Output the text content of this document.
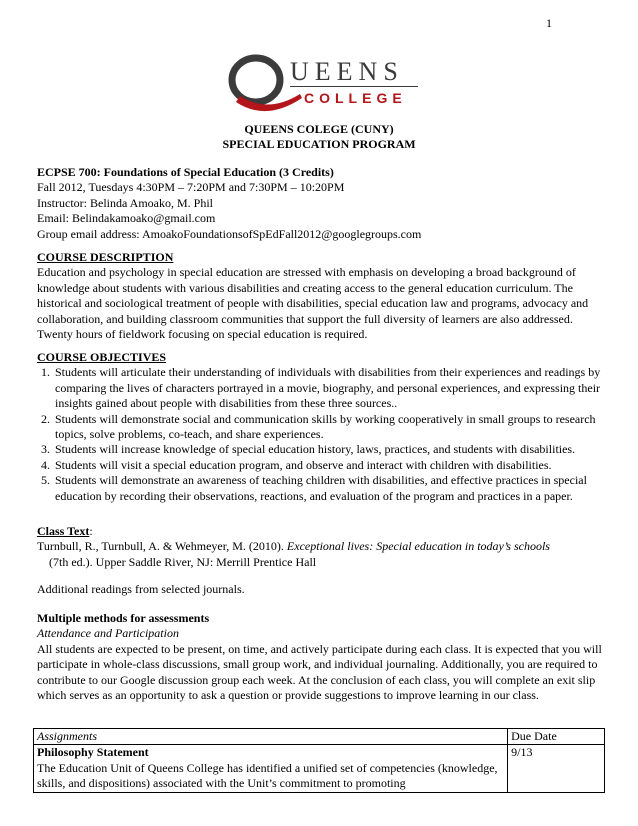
1
UEENS
COLLEGE
QUEENS COLEGE (CUNY)
SPECIAL EDUCATION PROGRAM
ECPSE 700: Foundations of Special Education (3 Credits)
Fall 2012, Tuesdays 4:30PM – 7:20PM and 7:30PM – 10:20PM
Instructor: Belinda Amoako, M. Phil
Email: Belindakamoako@gmail.com
Group email address: AmoakoFoundationsofSpEdFall2012@googlegroups.com
COURSE DESCRIPTION
Education and psychology in special education are stressed with emphasis on developing a broad background of knowledge about students with various disabilities and creating access to the general education curriculum. The historical and sociological treatment of people with disabilities, special education law and programs, advocacy and collaboration, and building classroom communities that support the full diversity of learners are also addressed. Twenty hours of fieldwork focusing on special education is required.
COURSE OBJECTIVES
1. Students will articulate their understanding of individuals with disabilities from their experiences and readings by comparing the lives of characters portrayed in a movie, biography, and personal experiences, and expressing their insights gained about people with disabilities from these three sources..
2. Students will demonstrate social and communication skills by working cooperatively in small groups to research topics, solve problems, co-teach, and share experiences.
3. Students will increase knowledge of special education history, laws, practices, and students with disabilities.
4. Students will visit a special education program, and observe and interact with children with disabilities.
5. Students will demonstrate an awareness of teaching children with disabilities, and effective practices in special education by recording their observations, reactions, and evaluation of the program and practices in a paper.
Class Text:
Turnbull, R., Turnbull, A. & Wehmeyer, M. (2010). Exceptional lives: Special education in today’s schools
(7th ed.). Upper Saddle River, NJ: Merrill Prentice Hall
Additional readings from selected journals.
Multiple methods for assessments
Attendance and Participation
All students are expected to be present, on time, and actively participate during each class. It is expected that you will participate in whole-class discussions, small group work, and individual journaling. Additionally, you are required to contribute to our Google discussion group each week. At the conclusion of each class, you will complete an exit slip which serves as an opportunity to ask a question or provide suggestions to improve learning in our class.
Assignments	Due Date

Philosophy Statement
The Education Unit of Queens College has identified a unified set of competencies (knowledge, skills, and dispositions) associated with the Unit’s commitment to promoting	9/13
